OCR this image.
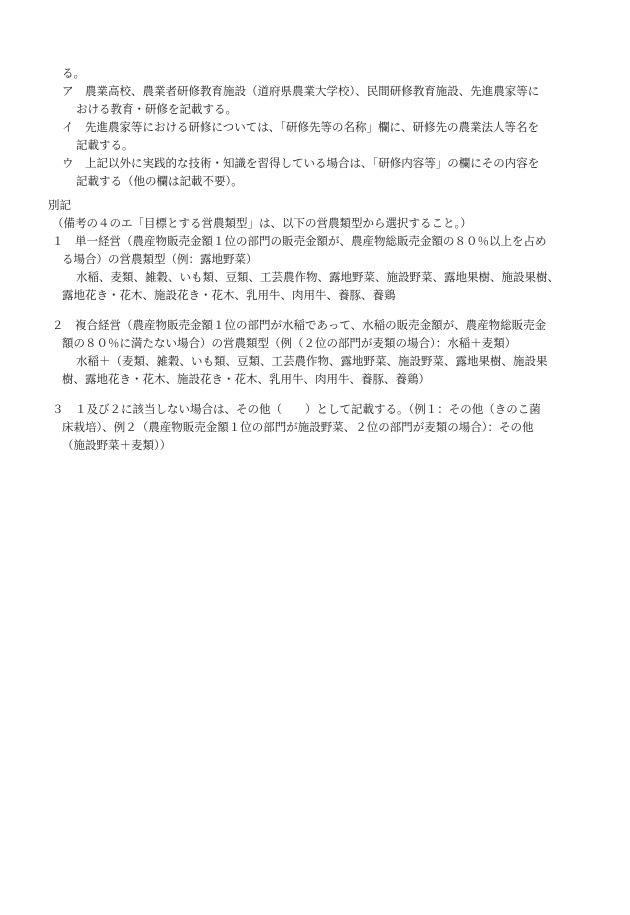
る。
ア　農業高校、農業者研修教育施設（道府県農業大学校）、民間研修教育施設、先進農家等に
おける教育・研修を記載する。
イ　先進農家等における研修については、「研修先等の名称」欄に、研修先の農業法人等名を
記載する。
ウ　上記以外に実践的な技術・知識を習得している場合は、「研修内容等」の欄にその内容を
記載する（他の欄は記載不要）。
別記
（備考の４のエ「目標とする営農類型」は、以下の営農類型から選択すること。）
１　単一経営（農産物販売金額１位の部門の販売金額が、農産物総販売金額の８０％以上を占め
る場合）の営農類型（例：露地野菜）
水稲、麦類、雑穀、いも類、豆類、工芸農作物、露地野菜、施設野菜、露地果樹、施設果樹、
露地花き・花木、施設花き・花木、乳用牛、肉用牛、養豚、養鶏
２　複合経営（農産物販売金額１位の部門が水稲であって、水稲の販売金額が、農産物総販売金
額の８０％に満たない場合）の営農類型（例（２位の部門が麦類の場合）：水稲＋麦類）
水稲＋（麦類、雑穀、いも類、豆類、工芸農作物、露地野菜、施設野菜、露地果樹、施設果
樹、露地花き・花木、施設花き・花木、乳用牛、肉用牛、養豚、養鶏）
３　１及び２に該当しない場合は、その他（　　）として記載する。（例１：その他（きのこ菌
床栽培）、例２（農産物販売金額１位の部門が施設野菜、２位の部門が麦類の場合）：その他
（施設野菜＋麦類））
